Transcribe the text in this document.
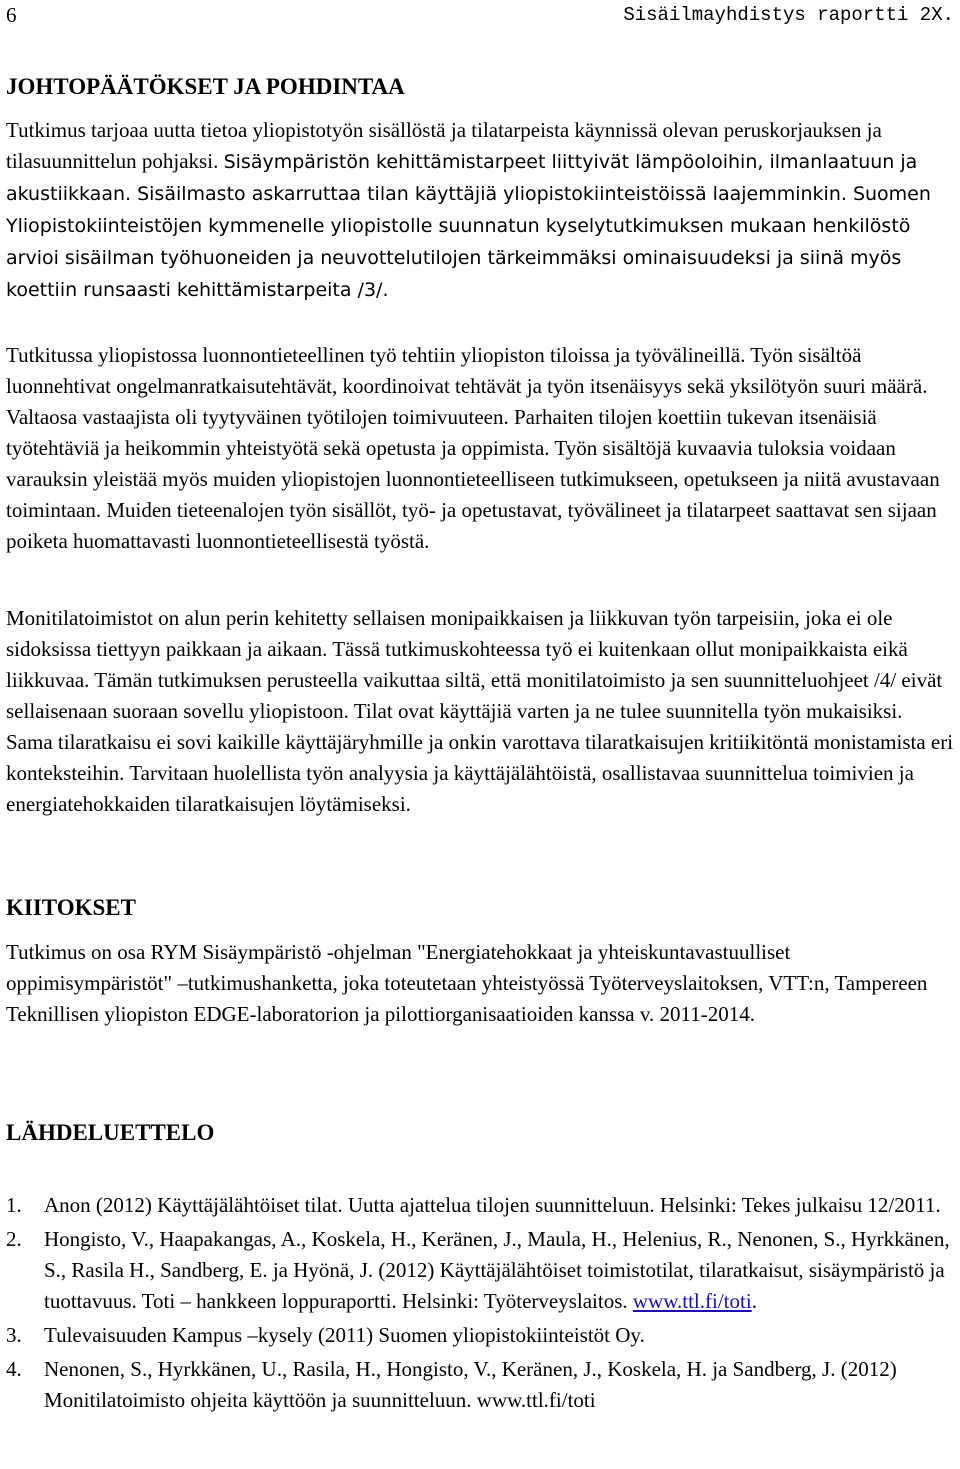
6	Sisäilmayhdistys raportti 2X.
JOHTOPÄÄTÖKSET JA POHDINTAA

Tutkimus tarjoaa uutta tietoa yliopistotyön sisällöstä ja tilatarpeista käynnissä olevan peruskorjauksen ja tilasuunnittelun pohjaksi. Sisäympäristön kehittämistarpeet liittyivät lämpöoloihin, ilmanlaatuun ja akustiikkaan. Sisäilmasto askarruttaa tilan käyttäjiä yliopistokiinteistöissä laajemminkin. Suomen Yliopistokiinteistöjen kymmenelle yliopistolle suunnatun kyselytutkimuksen mukaan henkilöstö arvioi sisäilman työhuoneiden ja neuvottelutilojen tärkeimmäksi ominaisuudeksi ja siinä myös koettiin runsaasti kehittämistarpeita /3/.

Tutkitussa yliopistossa luonnontieteellinen työ tehtiin yliopiston tiloissa ja työvälineillä. Työn sisältöä luonnehtivat ongelmanratkaisutehtävät, koordinoivat tehtävät ja työn itsenäisyys sekä yksilötyön suuri määrä. Valtaosa vastaajista oli tyytyväinen työtilojen toimivuuteen. Parhaiten tilojen koettiin tukevan itsenäisiä työtehtäviä ja heikommin yhteistyötä sekä opetusta ja oppimista. Työn sisältöjä kuvaavia tuloksia voidaan varauksin yleistää myös muiden yliopistojen luonnontieteelliseen tutkimukseen, opetukseen ja niitä avustavaan toimintaan. Muiden tieteenalojen työn sisällöt, työ- ja opetustavat, työvälineet ja tilatarpeet saattavat sen sijaan poiketa huomattavasti luonnontieteellisestä työstä.

Monitilatoimistot on alun perin kehitetty sellaisen monipaikkaisen ja liikkuvan työn tarpeisiin, joka ei ole sidoksissa tiettyyn paikkaan ja aikaan. Tässä tutkimuskohteessa työ ei kuitenkaan ollut monipaikkaista eikä liikkuvaa. Tämän tutkimuksen perusteella vaikuttaa siltä, että monitilatoimisto ja sen suunnitteluohjeet /4/ eivät sellaisenaan suoraan sovellu yliopistoon. Tilat ovat käyttäjiä varten ja ne tulee suunnitella työn mukaisiksi. Sama tilaratkaisu ei sovi kaikille käyttäjäryhmille ja onkin varottava tilaratkaisujen kritiikitöntä monistamista eri konteksteihin. Tarvitaan huolellista työn analyysia ja käyttäjälähtöistä, osallistavaa suunnittelua toimivien ja energiatehokkaiden tilaratkaisujen löytämiseksi.

KIITOKSET

Tutkimus on osa RYM Sisäympäristö -ohjelman "Energiatehokkaat ja yhteiskuntavastuulliset oppimisympäristöt" –tutkimushanketta, joka toteutetaan yhteistyössä Työterveyslaitoksen, VTT:n, Tampereen Teknillisen yliopiston EDGE-laboratorion ja pilottiorganisaatioiden kanssa v. 2011-2014.

LÄHDELUETTELO
1. Anon (2012) Käyttäjälähtöiset tilat. Uutta ajattelua tilojen suunnitteluun. Helsinki: Tekes julkaisu 12/2011.
2. Hongisto, V., Haapakangas, A., Koskela, H., Keränen, J., Maula, H., Helenius, R., Nenonen, S., Hyrkkänen, S., Rasila H., Sandberg, E. ja Hyönä, J. (2012) Käyttäjälähtöiset toimistotilat, tilaratkaisut, sisäympäristö ja tuottavuus. Toti – hankkeen loppuraportti. Helsinki: Työterveyslaitos. www.ttl.fi/toti.
3. Tulevaisuuden Kampus –kysely (2011) Suomen yliopistokiinteistöt Oy.
4. Nenonen, S., Hyrkkänen, U., Rasila, H., Hongisto, V., Keränen, J., Koskela, H. ja Sandberg, J. (2012) Monitilatoimisto ohjeita käyttöön ja suunnitteluun. www.ttl.fi/toti
